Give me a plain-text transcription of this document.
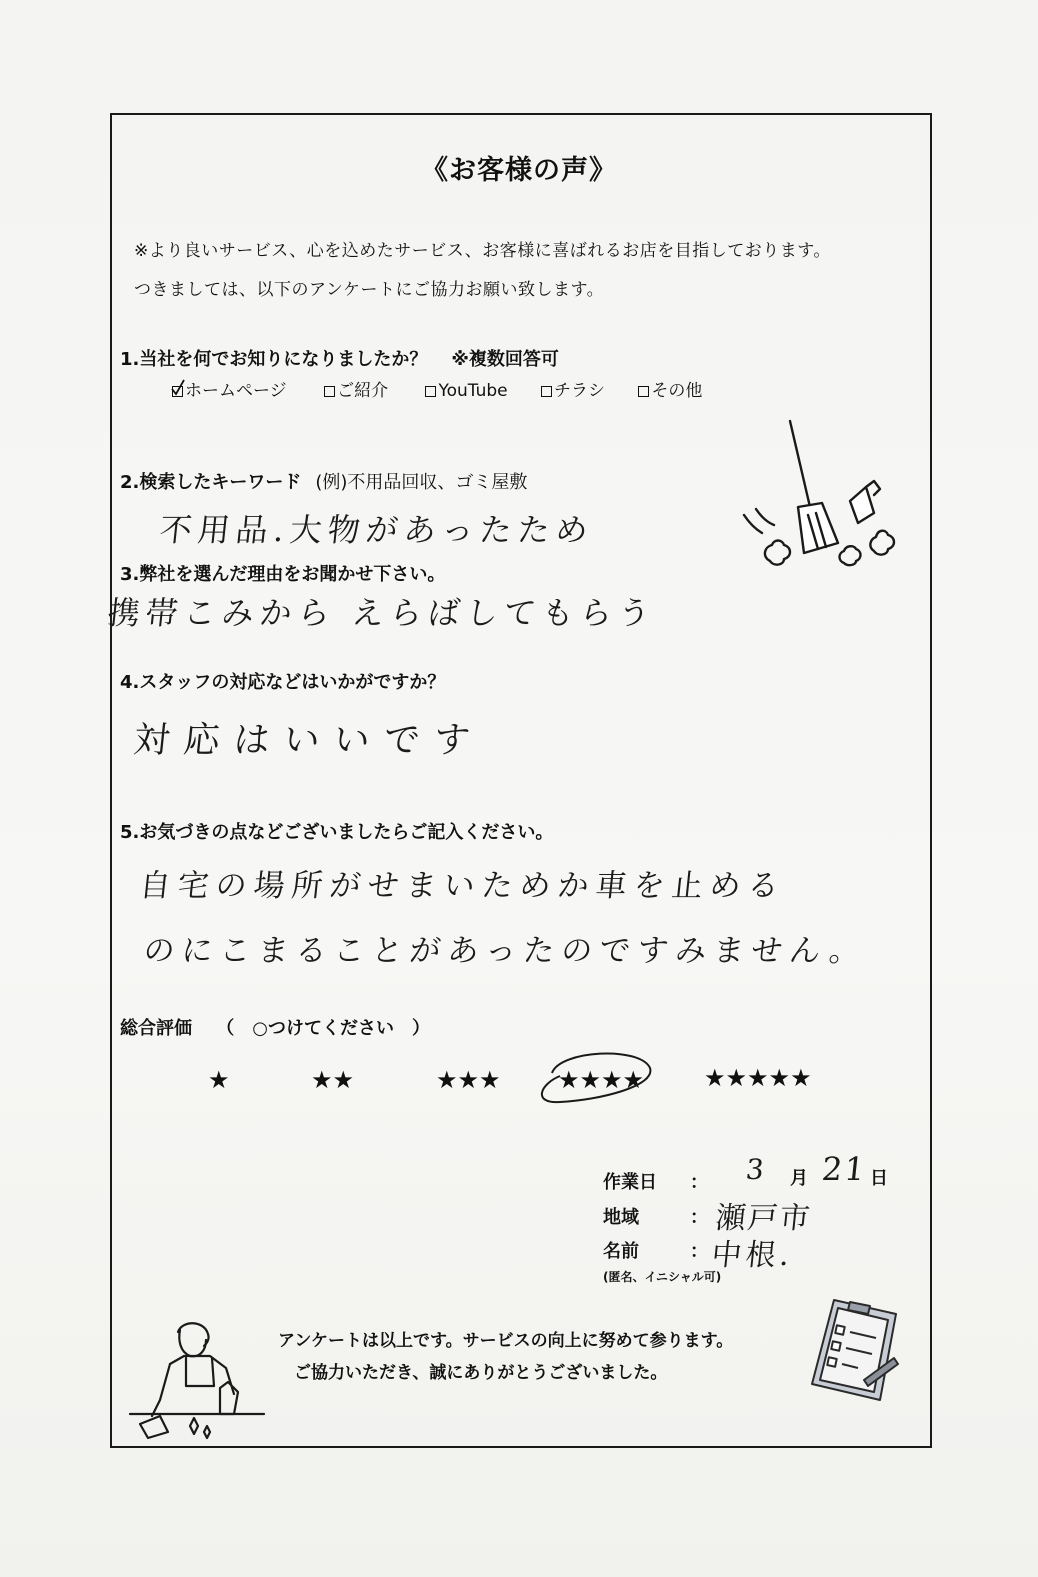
《お客様の声》
※より良いサービス、心を込めたサービス、お客様に喜ばれるお店を目指しております。
つきましては、以下のアンケートにご協力お願い致します。
1.当社を何でお知りになりましたか？ ※複数回答可
ホームページ	ご紹介	YouTube	チラシ	その他
2.検索したキーワード (例)不用品回収、ゴミ屋敷
不用品.大物があったため
3.弊社を選んだ理由をお聞かせ下さい。
携帯こみから えらばしてもらう
4.スタッフの対応などはいかがですか？
対応はいいです
5.お気づきの点などございましたらご記入ください。
自宅の場所がせまいためか車を止める
のにこまることがあったのですみません。
総合評価 （　○つけてください　）
★	★★	★★★ ★★★★ ★★★★★
作業日 ： 3 月 21 日
地域	： 瀬戸市
名前	： 中根.
(匿名、イニシャル可)
アンケートは以上です。サービスの向上に努めて参ります。
ご協力いただき、誠にありがとうございました。
